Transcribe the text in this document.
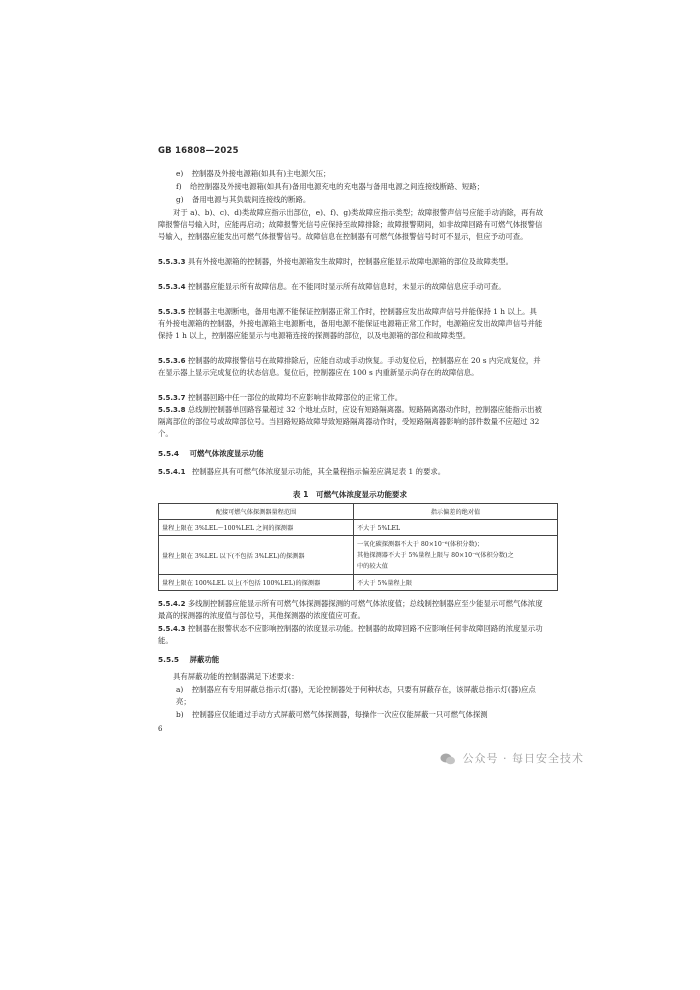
GB 16808—2025
e) 控制器及外接电源箱(如具有)主电源欠压；
f) 给控制器及外接电源箱(如具有)备用电源充电的充电器与备用电源之间连接线断路、短路；
g) 备用电源与其负载间连接线的断路。
对于 a)、b)、c)、d)类故障应指示出部位，e)、f)、g)类故障应指示类型；故障报警声信号应能手动消除，再有故障报警信号输入时，应能再启动；故障报警光信号应保持至故障排除；故障报警期间，如非故障回路有可燃气体报警信号输入，控制器应能发出可燃气体报警信号。故障信息在控制器有可燃气体报警信号时可不显示，但应予动可查。
5.5.3.3 具有外接电源箱的控制器，外接电源箱发生故障时，控制器应能显示故障电源箱的部位及故障类型。
5.5.3.4 控制器应能显示所有故障信息。在不能同时显示所有故障信息时，未显示的故障信息应手动可查。
5.5.3.5 控制器主电源断电，备用电源不能保证控制器正常工作时，控制器应发出故障声信号并能保持 1 h 以上。具有外接电源箱的控制器，外接电源箱主电源断电，备用电源不能保证电源箱正常工作时，电源箱应发出故障声信号并能保持 1 h 以上，控制器应能显示与电源箱连接的探测器的部位，以及电源箱的部位和故障类型。
5.5.3.6 控制器的故障报警信号在故障排除后，应能自动或手动恢复。手动复位后，控制器应在 20 s 内完成复位，并在显示器上显示完成复位的状态信息。复位后，控制器应在 100 s 内重新显示尚存在的故障信息。
5.5.3.7 控制器回路中任一部位的故障均不应影响非故障部位的正常工作。
5.5.3.8 总线制控制器单回路容量超过 32 个地址点时，应设有短路隔离器。短路隔离器动作时，控制器应能指示出被隔离部位的部位号或故障部位号。当回路短路故障导致短路隔离器动作时，受短路隔离器影响的部件数量不应超过 32 个。
5.5.4 可燃气体浓度显示功能
5.5.4.1 控制器应具有可燃气体浓度显示功能，其全量程指示偏差应满足表 1 的要求。
表 1　可燃气体浓度显示功能要求
配接可燃气体探测器量程范围	指示偏差的绝对值
量程上限在 3%LEL～100%LEL 之间的探测器	不大于 5%LEL
量程上限在 3%LEL 以下(不包括 3%LEL)的探测器	一氧化碳探测器不大于 80×10⁻⁶(体积分数)；
其他探测器不大于 5%量程上限与 80×10⁻⁶(体积分数)之
中的较大值

量程上限在 100%LEL 以上(不包括 100%LEL)的探测器	不大于 5%量程上限
5.5.4.2 多线制控制器应能显示所有可燃气体探测器探测的可燃气体浓度值；总线制控制器应至少能显示可燃气体浓度最高的探测器的浓度值与部位号，其他探测器的浓度值应可查。
5.5.4.3 控制器在报警状态不应影响控制器的浓度显示功能。控制器的故障回路不应影响任何非故障回路的浓度显示功能。
5.5.5 屏蔽功能
具有屏蔽功能的控制器满足下述要求：
a) 控制器应有专用屏蔽总指示灯(器)，无论控制器处于何种状态，只要有屏蔽存在，该屏蔽总指示灯(器)应点亮；
b) 控制器应仅能通过手动方式屏蔽可燃气体探测器，每操作一次应仅能屏蔽一只可燃气体探测
6
公众号 · 每日安全技术
